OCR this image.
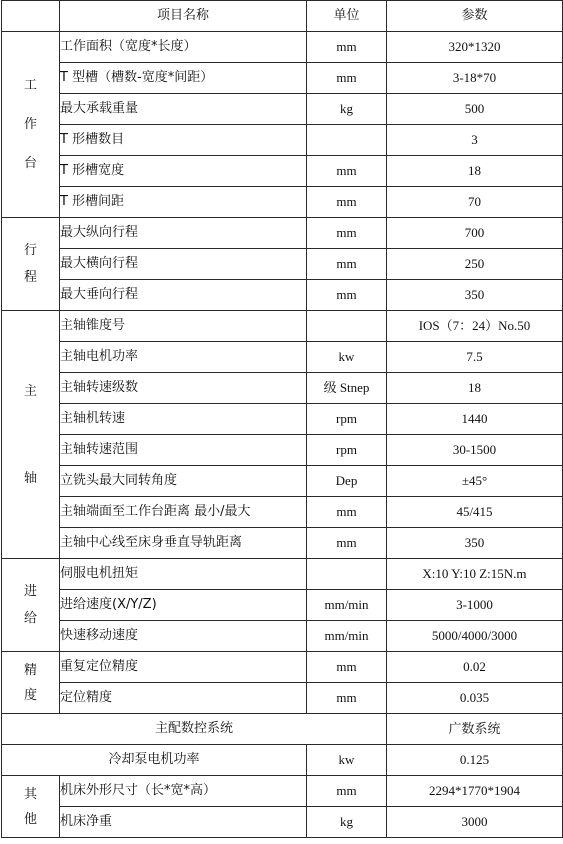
	项目名称	单位	参数

工
作
台	工作面积（宽度*长度）	mm	320*1320
	T 型槽（槽数-宽度*间距）	mm	3-18*70
	最大承载重量	kg	500
	T 形槽数目		3
	T 形槽宽度	mm	18
	T 形槽间距	mm	70

行
程	最大纵向行程	mm	700
	最大横向行程	mm	250
	最大垂向行程	mm	350

主
轴	主轴锥度号		IOS（7：24）No.50
	主轴电机功率	kw	7.5
	主轴转速级数	级 Stnep	18
	主轴机转速	rpm	1440
	主轴转速范围	rpm	30-1500
	立铣头最大同转角度	Dep	±45°
	主轴端面至工作台距离 最小/最大	mm	45/415
	主轴中心线至床身垂直导轨距离	mm	350

进
给	伺服电机扭矩		X:10 Y:10 Z:15N.m
	进给速度(X/Y/Z)	mm/min	3-1000
	快速移动速度	mm/min	5000/4000/3000

精
度	重复定位精度	mm	0.02
	定位精度	mm	0.035
主配数控系统			广数系统
冷却泵电机功率		kw	0.125

其
他	机床外形尺寸（长*宽*高）	mm	2294*1770*1904
	机床净重	kg	3000
